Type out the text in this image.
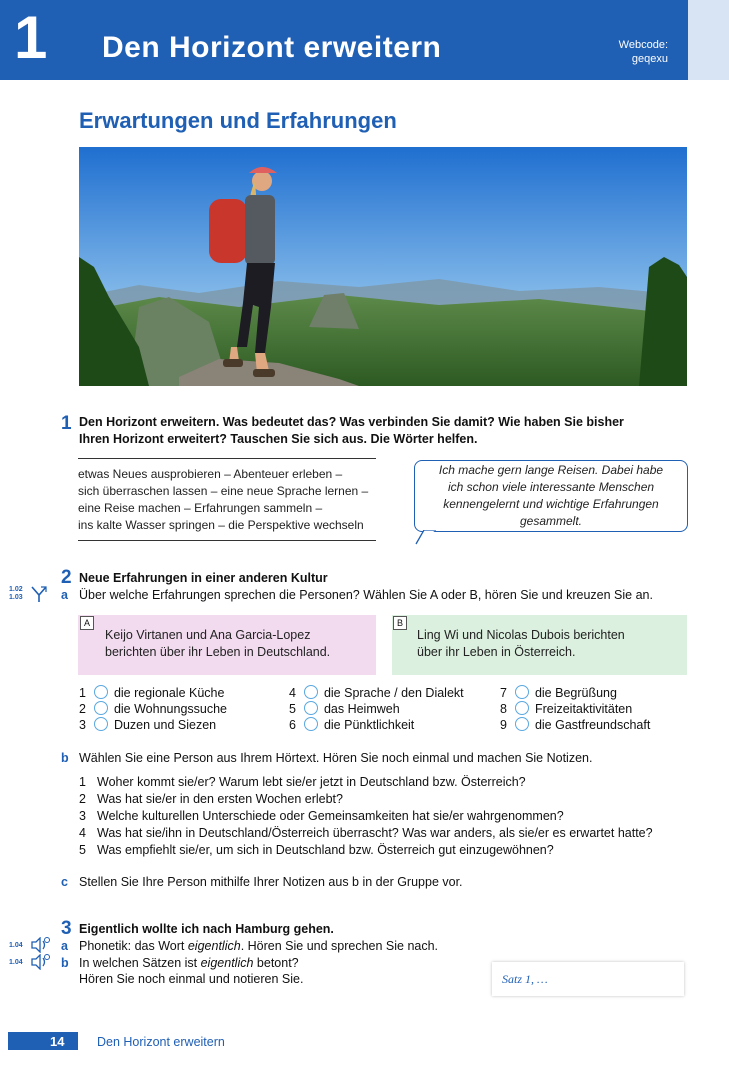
1	Den Horizont erweitern	Webcode:
geqexu
Erwartungen und Erfahrungen
1 Den Horizont erweitern. Was bedeutet das? Was verbinden Sie damit? Wie haben Sie bisher
Ihren Horizont erweitert? Tauschen Sie sich aus. Die Wörter helfen.
etwas Neues ausprobieren – Abenteuer erleben –
sich überraschen lassen – eine neue Sprache lernen –
eine Reise machen – Erfahrungen sammeln –
ins kalte Wasser springen – die Perspektive wechseln
Ich mache gern lange Reisen. Dabei habe
ich schon viele interessante Menschen
kennengelernt und wichtige Erfahrungen
gesammelt.
2 Neue Erfahrungen in einer anderen Kultur
1.02
1.03	a Über welche Erfahrungen sprechen die Personen? Wählen Sie A oder B, hören Sie und kreuzen Sie an.
A
Keijo Virtanen und Ana Garcia-Lopez
berichten über ihr Leben in Deutschland.
B
Ling Wi und Nicolas Dubois berichten
über ihr Leben in Österreich.
1 die regionale Küche
2 die Wohnungssuche
3 Duzen und Siezen
4 die Sprache / den Dialekt
5 das Heimweh
6 die Pünktlichkeit
7 die Begrüßung
8 Freizeitaktivitäten
9 die Gastfreundschaft
b Wählen Sie eine Person aus Ihrem Hörtext. Hören Sie noch einmal und machen Sie Notizen.
1 Woher kommt sie/er? Warum lebt sie/er jetzt in Deutschland bzw. Österreich?
2 Was hat sie/er in den ersten Wochen erlebt?
3 Welche kulturellen Unterschiede oder Gemeinsamkeiten hat sie/er wahrgenommen?
4 Was hat sie/ihn in Deutschland/Österreich überrascht? Was war anders, als sie/er es erwartet hatte?
5 Was empfiehlt sie/er, um sich in Deutschland bzw. Österreich gut einzugewöhnen?
c Stellen Sie Ihre Person mithilfe Ihrer Notizen aus b in der Gruppe vor.
3 Eigentlich wollte ich nach Hamburg gehen.
1.04	a Phonetik: das Wort eigentlich. Hören Sie und sprechen Sie nach.
1.04	b In welchen Sätzen ist eigentlich betont?
Hören Sie noch einmal und notieren Sie.	Satz 1, …
14	Den Horizont erweitern
